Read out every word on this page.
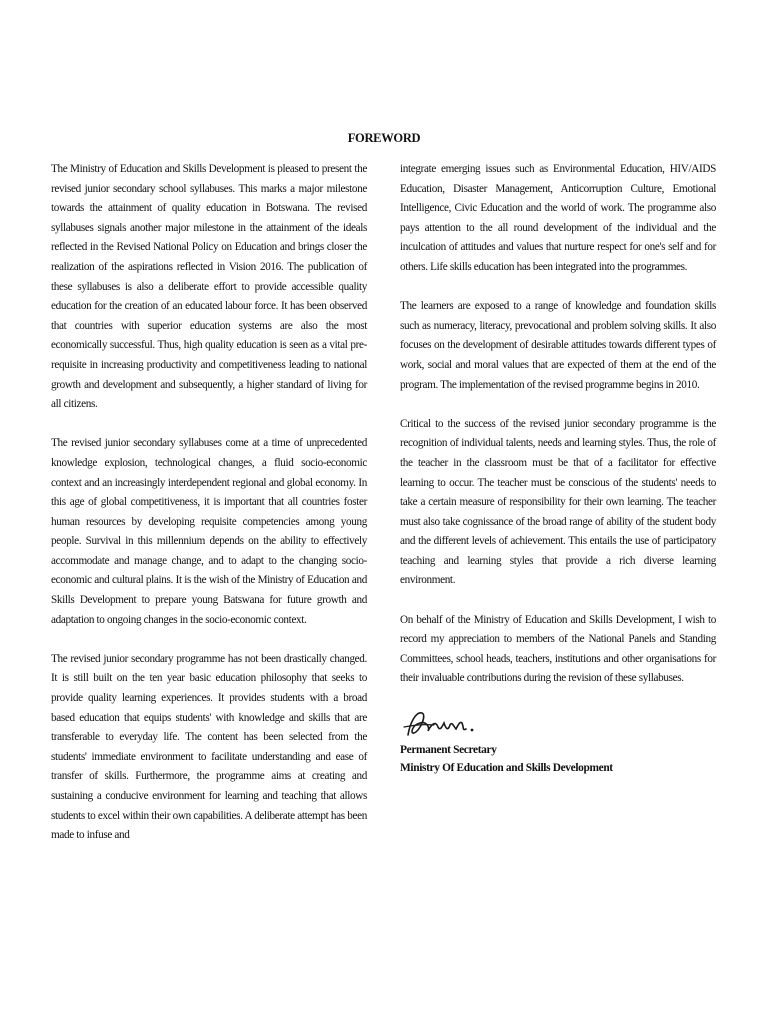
FOREWORD

The Ministry of Education and Skills Development is pleased to present the revised junior secondary school syllabuses. This marks a major milestone towards the attainment of quality education in Botswana. The revised syllabuses signals another major milestone in the attainment of the ideals reflected in the Revised National Policy on Education and brings closer the realization of the aspirations reflected in Vision 2016. The publication of these syllabuses is also a deliberate effort to provide accessible quality education for the creation of an educated labour force. It has been observed that countries with superior education systems are also the most economically successful. Thus, high quality education is seen as a vital pre-requisite in increasing productivity and competitiveness leading to national growth and development and subsequently, a higher standard of living for all citizens.

The revised junior secondary syllabuses come at a time of unprecedented knowledge explosion, technological changes, a fluid socio-economic context and an increasingly interdependent regional and global economy. In this age of global competitiveness, it is important that all countries foster human resources by developing requisite competencies among young people. Survival in this millennium depends on the ability to effectively accommodate and manage change, and to adapt to the changing socio-economic and cultural plains. It is the wish of the Ministry of Education and Skills Development to prepare young Batswana for future growth and adaptation to ongoing changes in the socio-economic context.

The revised junior secondary programme has not been drastically changed. It is still built on the ten year basic education philosophy that seeks to provide quality learning experiences. It provides students with a broad based education that equips students' with knowledge and skills that are transferable to everyday life. The content has been selected from the students' immediate environment to facilitate understanding and ease of transfer of skills. Furthermore, the programme aims at creating and sustaining a conducive environment for learning and teaching that allows students to excel within their own capabilities. A deliberate attempt has been made to infuse and

integrate emerging issues such as Environmental Education, HIV/AIDS Education, Disaster Management, Anticorruption Culture, Emotional Intelligence, Civic Education and the world of work. The programme also pays attention to the all round development of the individual and the inculcation of attitudes and values that nurture respect for one's self and for others. Life skills education has been integrated into the programmes.

The learners are exposed to a range of knowledge and foundation skills such as numeracy, literacy, prevocational and problem solving skills. It also focuses on the development of desirable attitudes towards different types of work, social and moral values that are expected of them at the end of the program. The implementation of the revised programme begins in 2010.

Critical to the success of the revised junior secondary programme is the recognition of individual talents, needs and learning styles. Thus, the role of the teacher in the classroom must be that of a facilitator for effective learning to occur. The teacher must be conscious of the students' needs to take a certain measure of responsibility for their own learning. The teacher must also take cognissance of the broad range of ability of the student body and the different levels of achievement. This entails the use of participatory teaching and learning styles that provide a rich diverse learning environment.

On behalf of the Ministry of Education and Skills Development, I wish to record my appreciation to members of the National Panels and Standing Committees, school heads, teachers, institutions and other organisations for their invaluable contributions during the revision of these syllabuses.

Permanent Secretary
Ministry Of Education and Skills Development
